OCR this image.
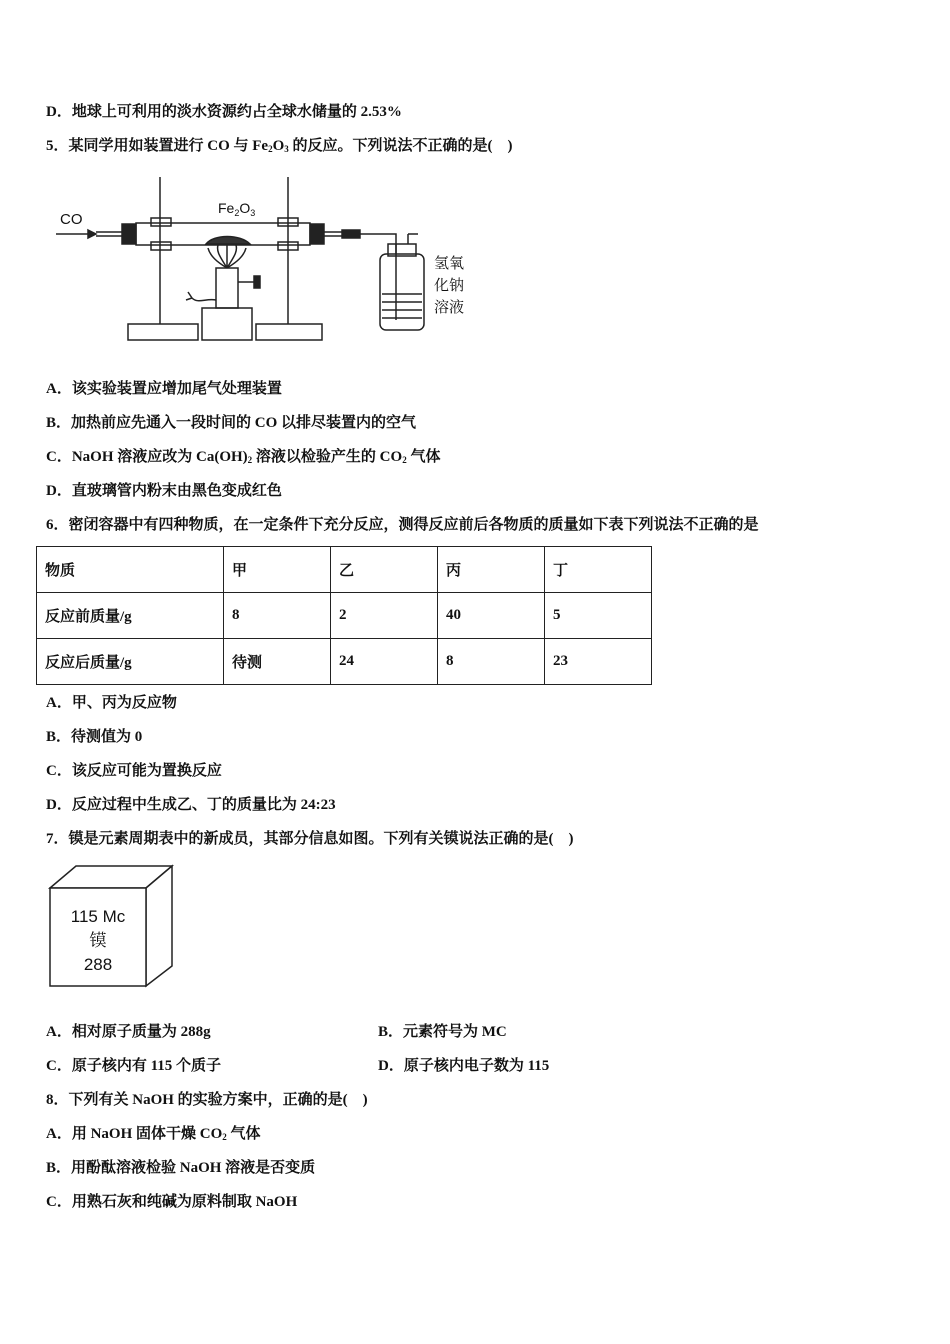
D．地球上可利用的淡水资源约占全球水储量的 2.53%
5．某同学用如装置进行 CO 与 $Fe_2O_3$ 的反应。下列说法不正确的是(　)
CO
$Fe_2O_3$
氢氧
化钠
溶液
A．该实验装置应增加尾气处理装置
B．加热前应先通入一段时间的 CO 以排尽装置内的空气
C．NaOH 溶液应改为 $Ca(OH)_2$ 溶液以检验产生的 $CO_2$ 气体
D．直玻璃管内粉末由黑色变成红色
6．密闭容器中有四种物质，在一定条件下充分反应，测得反应前后各物质的质量如下表下列说法不正确的是
物质	甲	乙	丙	丁
反应前质量/g	8	2	40	5
反应后质量/g	待测	24	8	23
A．甲、丙为反应物
B．待测值为 0
C．该反应可能为置换反应
D．反应过程中生成乙、丁的质量比为 24:23
7．镆是元素周期表中的新成员，其部分信息如图。下列有关镆说法正确的是(　)
115 Mc
镆
288
A．相对原子质量为 288g	B．元素符号为 MC
C．原子核内有 115 个质子	D．原子核内电子数为 115
8．下列有关 NaOH 的实验方案中，正确的是(　)
A．用 NaOH 固体干燥 $CO_2$ 气体
B．用酚酞溶液检验 NaOH 溶液是否变质
C．用熟石灰和纯碱为原料制取 NaOH
